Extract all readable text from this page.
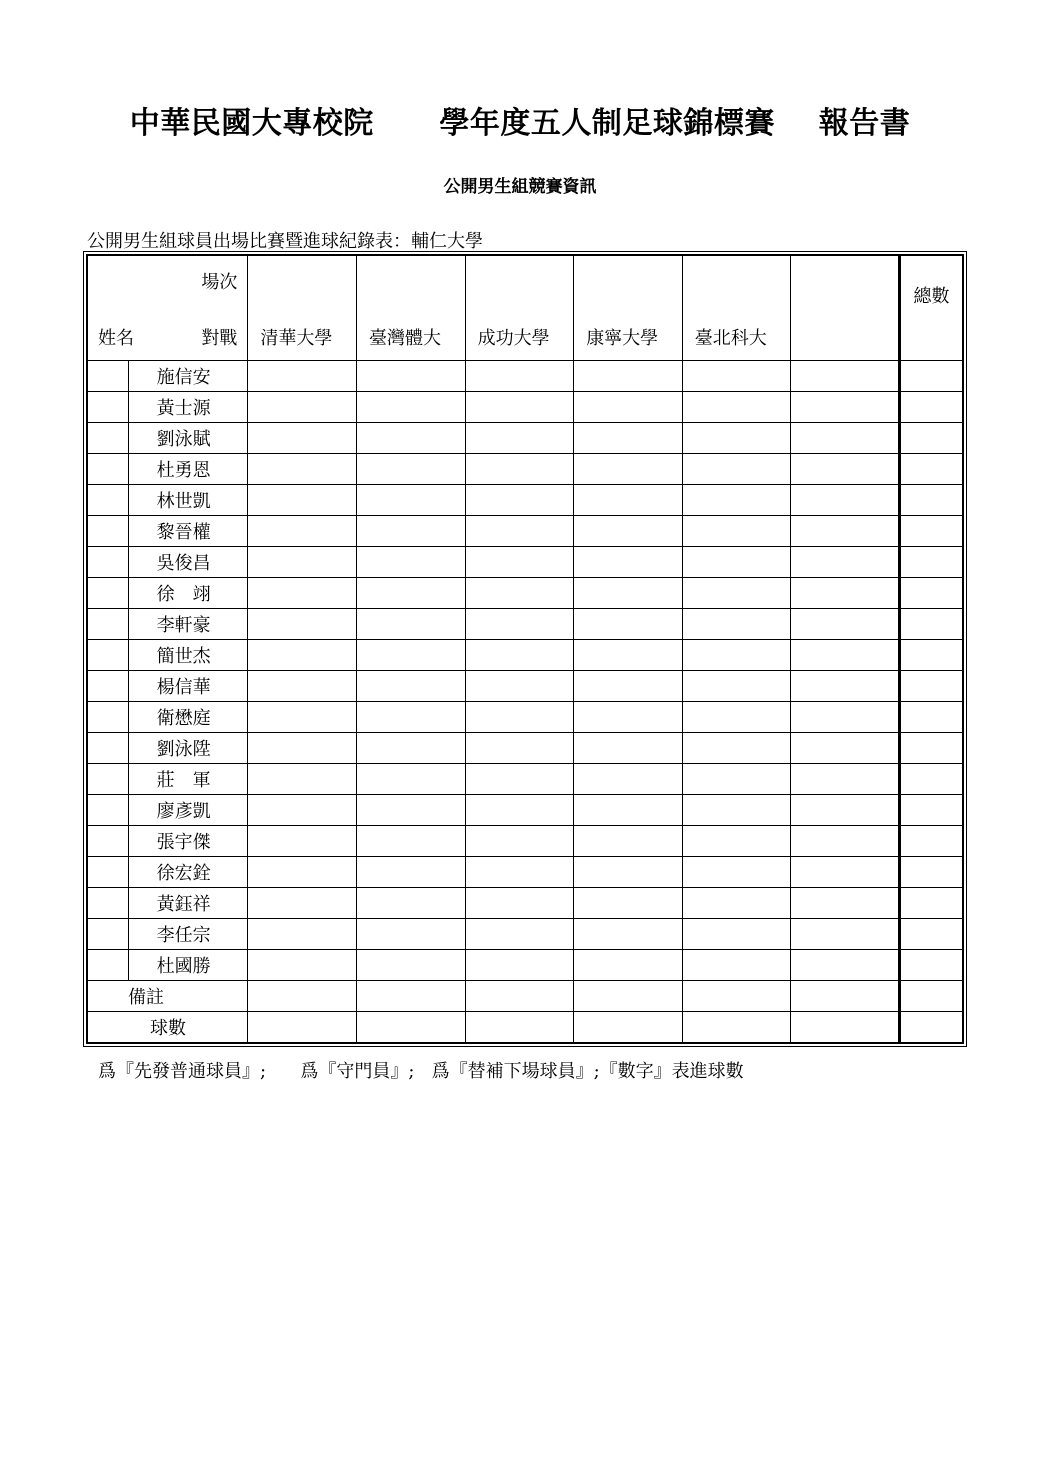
中華民國大專校院      學年度五人制足球錦標賽    報告書
公開男生組競賽資訊
公開男生組球員出場比賽暨進球紀錄表：輔仁大學
場次
姓名 對戰		清華大學	臺灣體大	成功大學	康寧大學	臺北科大		總數
	施信安							
	黃士源							
	劉泳賦							
	杜勇恩							
	林世凱							
	黎晉權							
	吳俊昌							
	徐　翊							
	李軒豪							
	簡世杰							
	楊信華							
	衛懋庭							
	劉泳陞							
	莊　軍							
	廖彥凱							
	張宇傑							
	徐宏銓							
	黃鈺祥							
	李任宗							
	杜國勝							
備註								
球數								
爲『先發普通球員』;      爲『守門員』;   爲『替補下場球員』;『數字』表進球數
